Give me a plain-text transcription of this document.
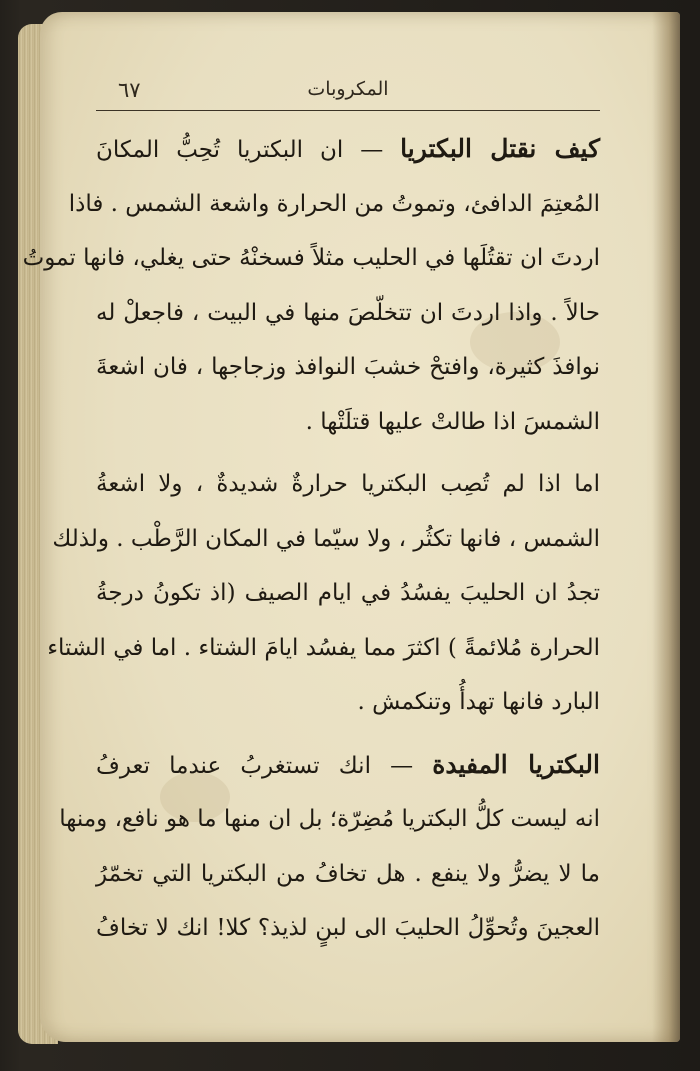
المكروبات
٦٧
كيف نقتل البكتريا — ان البكتريا تُحِبُّ المكانَ
المُعتِمَ الدافئ، وتموتُ من الحرارة واشعة الشمس . فاذا
اردتَ ان تقتُلَها في الحليب مثلاً فسخنْهُ حتى يغلي، فانها تموتُ
حالاً . واذا اردتَ ان تتخلّصَ منها في البيت ، فاجعلْ له
نوافذَ كثيرة، وافتحْ خشبَ النوافذ وزجاجها ، فان اشعةَ
الشمسَ اذا طالتْ عليها قتلَتْها .
اما اذا لم تُصِب البكتريا حرارةٌ شديدةٌ ، ولا اشعةُ
الشمس ، فانها تكثُر ، ولا سيّما في المكان الرَّطْب . ولذلك
تجدُ ان الحليبَ يفسُدُ في ايام الصيف (اذ تكونُ درجةُ
الحرارة مُلائمةً ) اكثرَ مما يفسُد ايامَ الشتاء . اما في الشتاء
البارد فانها تهدأُ وتنكمش .
البكتريا المفيدة — انك تستغربُ عندما تعرفُ
انه ليست كلُّ البكتريا مُضِرّة؛ بل ان منها ما هو نافع، ومنها
ما لا يضرُّ ولا ينفع . هل تخافُ من البكتريا التي تخمّرُ
العجينَ وتُحوِّلُ الحليبَ الى لبنٍ لذيذ؟ كلا! انك لا تخافُ
